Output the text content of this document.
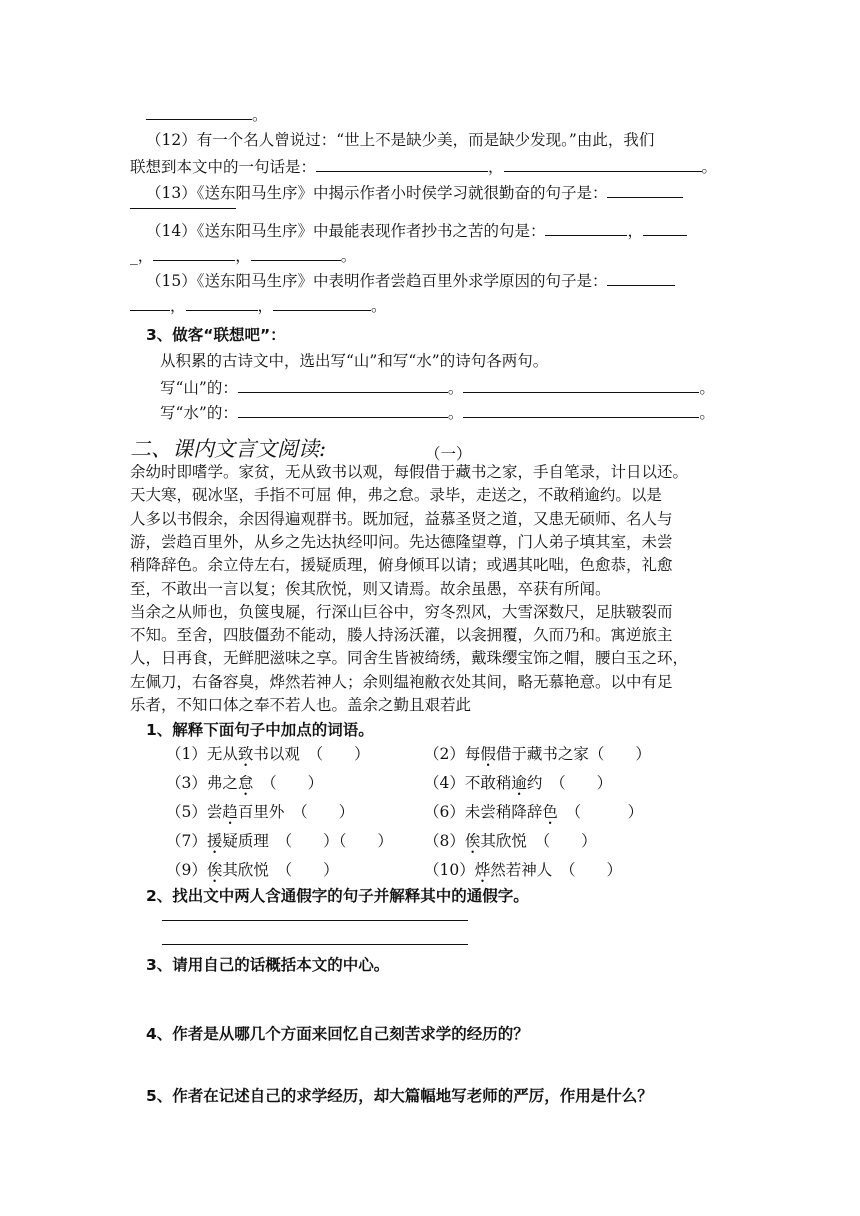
。
（12）有一个名人曾说过：“世上不是缺少美，而是缺少发现。”由此，我们
联想到本文中的一句话是：	，	。
（13）《送东阳马生序》中揭示作者小时侯学习就很勤奋的句子是：
（14）《送东阳马生序》中最能表现作者抄书之苦的句是：	，
_，	，	。
（15）《送东阳马生序》中表明作者尝趋百里外求学原因的句子是：
，	，	。
3、做客“联想吧”：
从积累的古诗文中，选出写“山”和写“水”的诗句各两句。
写“山”的：	。	。
写“水”的：	。	。
二、课内文言文阅读:	（一）
余幼时即嗜学。家贫，无从致书以观，每假借于藏书之家，手自笔录，计日以还。
天大寒，砚冰坚，手指不可屈 伸，弗之怠。录毕，走送之，不敢稍逾约。以是
人多以书假余，余因得遍观群书。既加冠，益慕圣贤之道，又患无硕师、名人与
游，尝趋百里外，从乡之先达执经叩问。先达德隆望尊，门人弟子填其室，未尝
稍降辞色。余立侍左右，援疑质理，俯身倾耳以请；或遇其叱咄，色愈恭，礼愈
至，不敢出一言以复；俟其欣悦，则又请焉。故余虽愚，卒获有所闻。
当余之从师也，负箧曳屣，行深山巨谷中，穷冬烈风，大雪深数尺，足肤皲裂而
不知。至舍，四肢僵劲不能动，媵人持汤沃灌，以衾拥覆，久而乃和。寓逆旅主
人，日再食，无鲜肥滋味之享。同舍生皆被绮绣，戴珠缨宝饰之帽，腰白玉之环，
左佩刀，右备容臭，烨然若神人；余则缊袍敝衣处其间，略无慕艳意。以中有足
乐者，不知口体之奉不若人也。盖余之勤且艰若此
1、解释下面句子中加点的词语。
（1）无从致书以观　（　　）	（2）每假借于藏书之家（　　）
（3）弗之怠　（　　）	（4）不敢稍逾约　（　　）
（5）尝趋百里外　（　　）	（6）未尝稍降辞色　（　　　）
（7）援疑质理　（　　）（　　） （8）俟其欣悦　（　　）
（9）俟其欣悦　（　　）	（10）烨然若神人　（　　）
2、找出文中两人含通假字的句子并解释其中的通假字。
3、请用自己的话概括本文的中心。
4、作者是从哪几个方面来回忆自己刻苦求学的经历的？
5、作者在记述自己的求学经历，却大篇幅地写老师的严厉，作用是什么？
